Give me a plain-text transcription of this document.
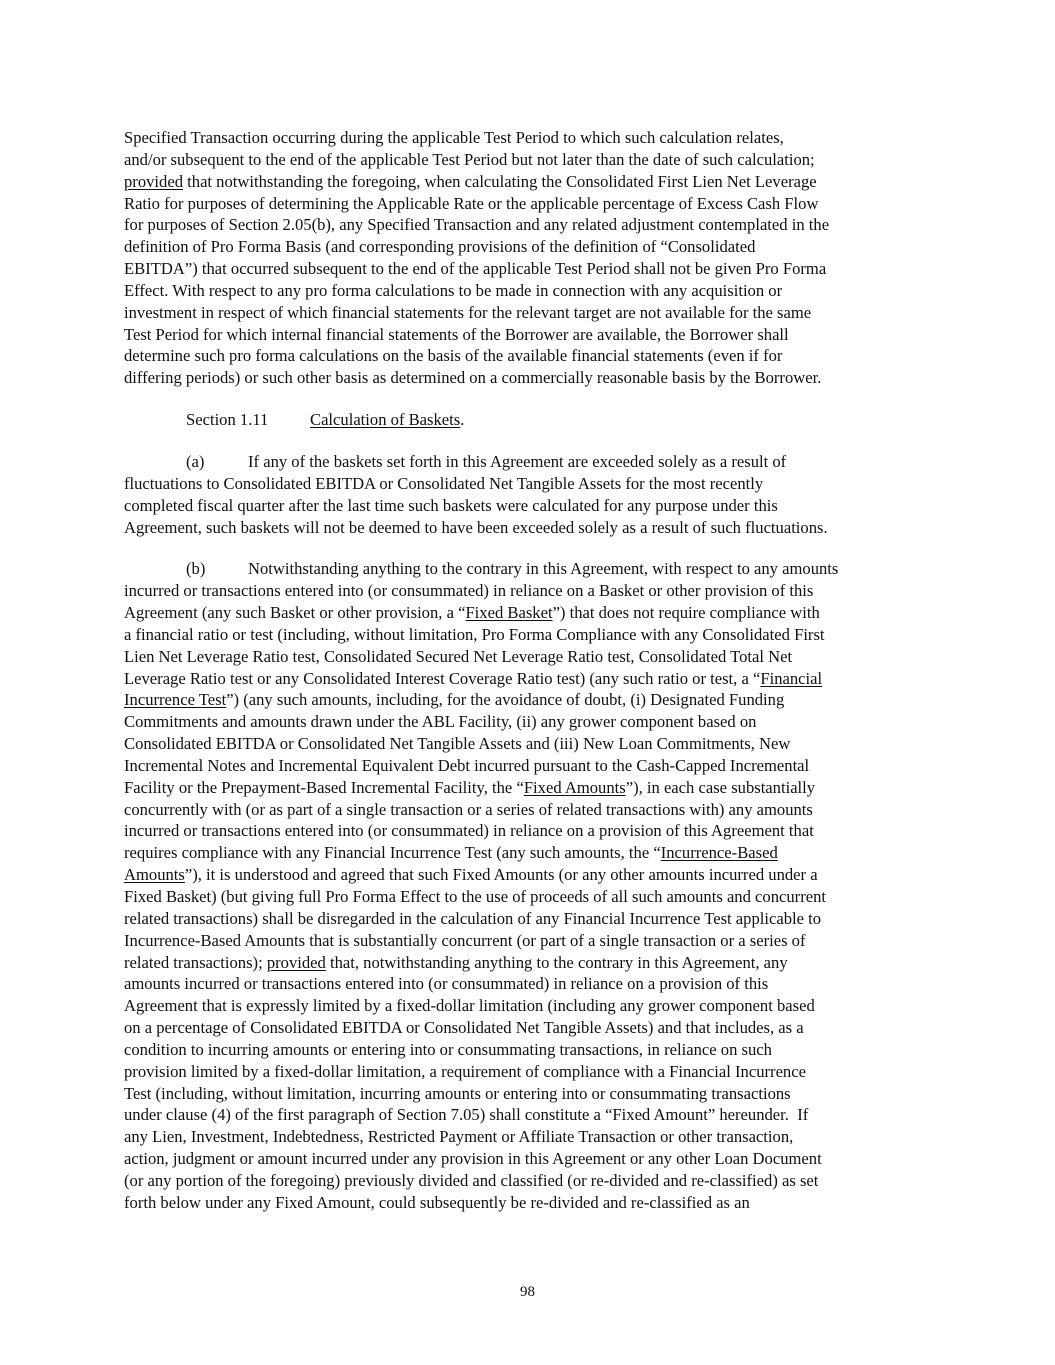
Specified Transaction occurring during the applicable Test Period to which such calculation relates,
and/or subsequent to the end of the applicable Test Period but not later than the date of such calculation;
provided that notwithstanding the foregoing, when calculating the Consolidated First Lien Net Leverage
Ratio for purposes of determining the Applicable Rate or the applicable percentage of Excess Cash Flow
for purposes of Section 2.05(b), any Specified Transaction and any related adjustment contemplated in the
definition of Pro Forma Basis (and corresponding provisions of the definition of “Consolidated
EBITDA”) that occurred subsequent to the end of the applicable Test Period shall not be given Pro Forma
Effect. With respect to any pro forma calculations to be made in connection with any acquisition or
investment in respect of which financial statements for the relevant target are not available for the same
Test Period for which internal financial statements of the Borrower are available, the Borrower shall
determine such pro forma calculations on the basis of the available financial statements (even if for
differing periods) or such other basis as determined on a commercially reasonable basis by the Borrower.
Section 1.11	Calculation of Baskets.
(a)	If any of the baskets set forth in this Agreement are exceeded solely as a result of
fluctuations to Consolidated EBITDA or Consolidated Net Tangible Assets for the most recently
completed fiscal quarter after the last time such baskets were calculated for any purpose under this
Agreement, such baskets will not be deemed to have been exceeded solely as a result of such fluctuations.
(b)	Notwithstanding anything to the contrary in this Agreement, with respect to any amounts
incurred or transactions entered into (or consummated) in reliance on a Basket or other provision of this
Agreement (any such Basket or other provision, a “Fixed Basket”) that does not require compliance with
a financial ratio or test (including, without limitation, Pro Forma Compliance with any Consolidated First
Lien Net Leverage Ratio test, Consolidated Secured Net Leverage Ratio test, Consolidated Total Net
Leverage Ratio test or any Consolidated Interest Coverage Ratio test) (any such ratio or test, a “Financial
Incurrence Test”) (any such amounts, including, for the avoidance of doubt, (i) Designated Funding
Commitments and amounts drawn under the ABL Facility, (ii) any grower component based on
Consolidated EBITDA or Consolidated Net Tangible Assets and (iii) New Loan Commitments, New
Incremental Notes and Incremental Equivalent Debt incurred pursuant to the Cash-Capped Incremental
Facility or the Prepayment-Based Incremental Facility, the “Fixed Amounts”), in each case substantially
concurrently with (or as part of a single transaction or a series of related transactions with) any amounts
incurred or transactions entered into (or consummated) in reliance on a provision of this Agreement that
requires compliance with any Financial Incurrence Test (any such amounts, the “Incurrence-Based
Amounts”), it is understood and agreed that such Fixed Amounts (or any other amounts incurred under a
Fixed Basket) (but giving full Pro Forma Effect to the use of proceeds of all such amounts and concurrent
related transactions) shall be disregarded in the calculation of any Financial Incurrence Test applicable to
Incurrence-Based Amounts that is substantially concurrent (or part of a single transaction or a series of
related transactions); provided that, notwithstanding anything to the contrary in this Agreement, any
amounts incurred or transactions entered into (or consummated) in reliance on a provision of this
Agreement that is expressly limited by a fixed-dollar limitation (including any grower component based
on a percentage of Consolidated EBITDA or Consolidated Net Tangible Assets) and that includes, as a
condition to incurring amounts or entering into or consummating transactions, in reliance on such
provision limited by a fixed-dollar limitation, a requirement of compliance with a Financial Incurrence
Test (including, without limitation, incurring amounts or entering into or consummating transactions
under clause (4) of the first paragraph of Section 7.05) shall constitute a “Fixed Amount” hereunder.  If
any Lien, Investment, Indebtedness, Restricted Payment or Affiliate Transaction or other transaction,
action, judgment or amount incurred under any provision in this Agreement or any other Loan Document
(or any portion of the foregoing) previously divided and classified (or re-divided and re-classified) as set
forth below under any Fixed Amount, could subsequently be re-divided and re-classified as an
98
